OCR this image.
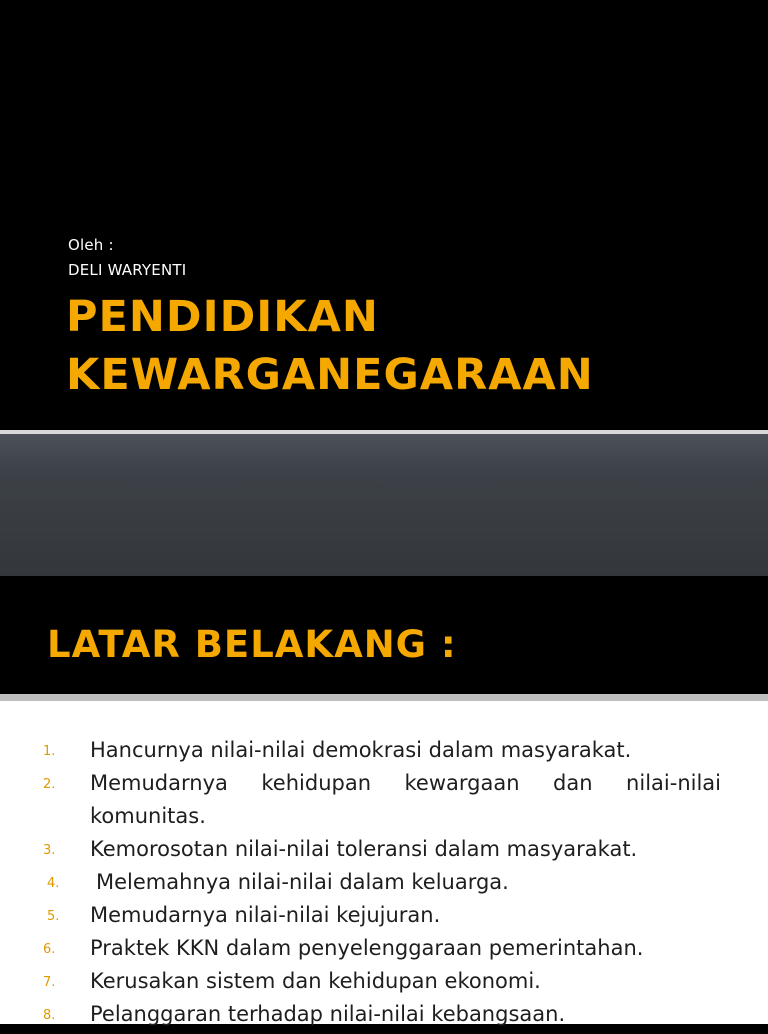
Oleh :
DELI WARYENTI
PENDIDIKAN
KEWARGANEGARAAN
LATAR BELAKANG :
1. Hancurnya nilai-nilai demokrasi dalam masyarakat.
2. Memudarnya kehidupan kewargaan dan nilai-nilai komunitas.
3. Kemorosotan nilai-nilai toleransi dalam masyarakat.
4. Melemahnya nilai-nilai dalam keluarga.
5. Memudarnya nilai-nilai kejujuran.
6. Praktek KKN dalam penyelenggaraan pemerintahan.
7. Kerusakan sistem dan kehidupan ekonomi.
8. Pelanggaran terhadap nilai-nilai kebangsaan.
